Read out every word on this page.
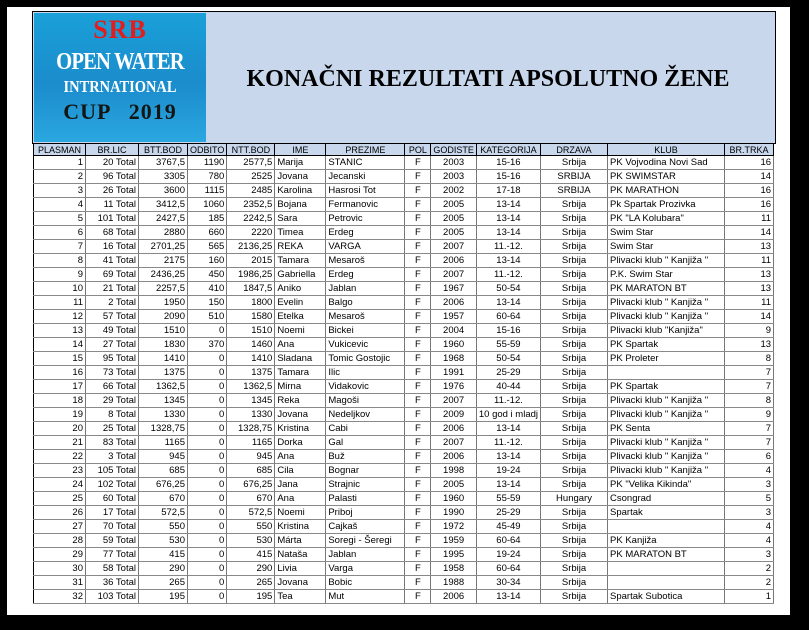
SRB
OPEN WATER
INTRNATIONAL
CUP 2019
KONAČNI REZULTATI APSOLUTNO ŽENE
PLASMAN	BR.LIC	BTT.BOD	ODBITO	NTT.BOD	IME	PREZIME	POL	GODISTE	KATEGORIJA	DRZAVA	KLUB	BR.TRKA
1	20 Total	3767,5	1190	2577,5	Marija	STANIC	F	2003	15-16	Srbija	PK Vojvodina Novi Sad	16
2	96 Total	3305	780	2525	Jovana	Jecanski	F	2003	15-16	SRBIJA	PK SWIMSTAR	14
3	26 Total	3600	1115	2485	Karolina	Hasrosi Tot	F	2002	17-18	SRBIJA	PK MARATHON	16
4	11 Total	3412,5	1060	2352,5	Bojana	Fermanovic	F	2005	13-14	Srbija	Pk Spartak Prozivka	16
5	101 Total	2427,5	185	2242,5	Sara	Petrovic	F	2005	13-14	Srbija	PK "LA Kolubara"	11
6	68 Total	2880	660	2220	Timea	Erdeg	F	2005	13-14	Srbija	Swim Star	14
7	16 Total	2701,25	565	2136,25	REKA	VARGA	F	2007	11.-12.	Srbija	Swim Star	13
8	41 Total	2175	160	2015	Tamara	Mesaroš	F	2006	13-14	Srbija	Plivacki klub " Kanjiža "	11
9	69 Total	2436,25	450	1986,25	Gabriella	Erdeg	F	2007	11.-12.	Srbija	P.K. Swim Star	13
10	21 Total	2257,5	410	1847,5	Aniko	Jablan	F	1967	50-54	Srbija	PK MARATON BT	13
11	2 Total	1950	150	1800	Evelin	Balgo	F	2006	13-14	Srbija	Plivacki klub " Kanjiža "	11
12	57 Total	2090	510	1580	Etelka	Mesaroš	F	1957	60-64	Srbija	Plivacki klub " Kanjiža "	14
13	49 Total	1510	0	1510	Noemi	Bickei	F	2004	15-16	Srbija	Plivacki klub "Kanjiža"	9
14	27 Total	1830	370	1460	Ana	Vukicevic	F	1960	55-59	Srbija	PK Spartak	13
15	95 Total	1410	0	1410	Sladana	Tomic Gostojic	F	1968	50-54	Srbija	PK Proleter	8
16	73 Total	1375	0	1375	Tamara	Ilic	F	1991	25-29	Srbija		7
17	66 Total	1362,5	0	1362,5	Mirna	Vidakovic	F	1976	40-44	Srbija	PK Spartak	7
18	29 Total	1345	0	1345	Reka	Magoši	F	2007	11.-12.	Srbija	Plivacki klub " Kanjiža "	8
19	8 Total	1330	0	1330	Jovana	Nedeljkov	F	2009	10 god i mladj	Srbija	Plivacki klub " Kanjiža "	9
20	25 Total	1328,75	0	1328,75	Kristina	Cabi	F	2006	13-14	Srbija	PK Senta	7
21	83 Total	1165	0	1165	Dorka	Gal	F	2007	11.-12.	Srbija	Plivacki klub " Kanjiža "	7
22	3 Total	945	0	945	Ana	Buž	F	2006	13-14	Srbija	Plivacki klub " Kanjiža "	6
23	105 Total	685	0	685	Cila	Bognar	F	1998	19-24	Srbija	Plivacki klub " Kanjiža "	4
24	102 Total	676,25	0	676,25	Jana	Strajnic	F	2005	13-14	Srbija	PK "Velika Kikinda"	3
25	60 Total	670	0	670	Ana	Palasti	F	1960	55-59	Hungary	Csongrad	5
26	17 Total	572,5	0	572,5	Noemi	Priboj	F	1990	25-29	Srbija	Spartak	3
27	70 Total	550	0	550	Kristina	Cajkaš	F	1972	45-49	Srbija		4
28	59 Total	530	0	530	Márta	Soregi - Šeregi	F	1959	60-64	Srbija	PK Kanjiža	4
29	77 Total	415	0	415	Nataša	Jablan	F	1995	19-24	Srbija	PK MARATON BT	3
30	58 Total	290	0	290	Livia	Varga	F	1958	60-64	Srbija		2
31	36 Total	265	0	265	Jovana	Bobic	F	1988	30-34	Srbija		2
32	103 Total	195	0	195	Tea	Mut	F	2006	13-14	Srbija	Spartak Subotica	1
